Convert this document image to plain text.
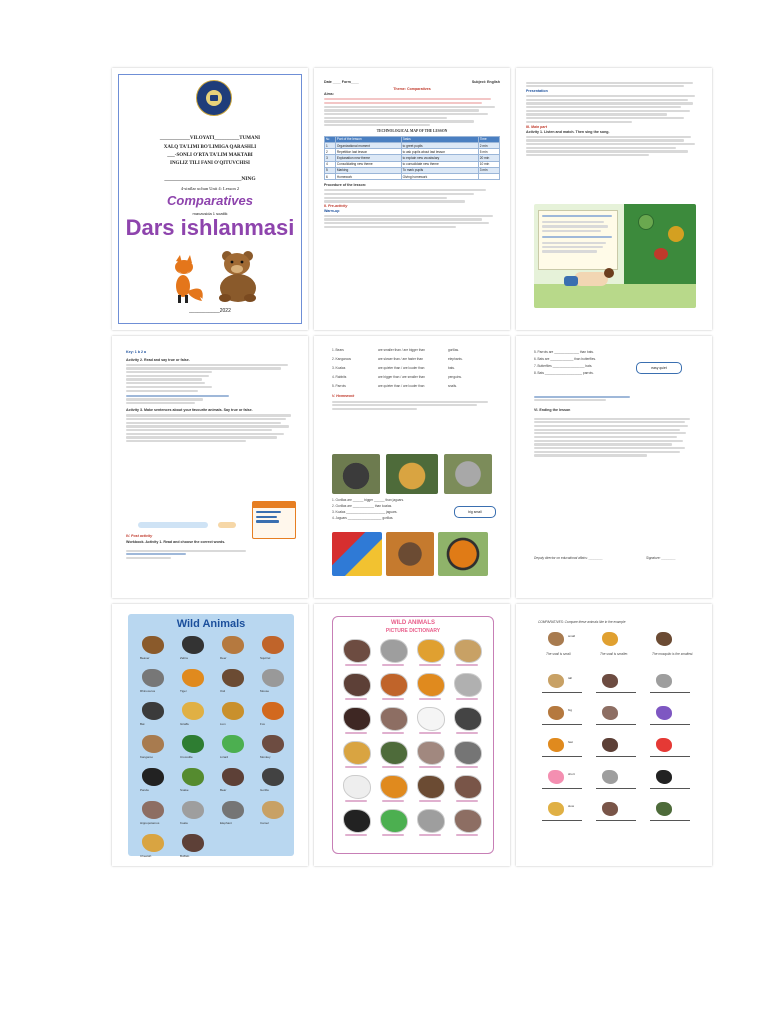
____________VILOYATI__________TUMANI
XALQ TA'LIMI BO'LIMIGA QARASHLI
___-SONLI O'RTA TA'LIM MAKTABI
INGLIZ TILI FANI O'QITUVCHISI
____________________________NING
4-sinflar uchun Unit 4: Lesson 2
Comparatives
mavzusida 1 soatlik
Dars ishlanmasi
___________2022
Date ____ Form____	Subject: English
Theme: Comparatives
Aims:
TECHNOLOGICAL MAP OF THE LESSON
№	Part of the lesson	Tasks	Time
1	Organizational moment	to greet pupils	2 min
2	Repetition last lesson	to ask pupils about last lesson	5 min
3	Explanation new theme	to explain new vocabulary	20 min
4	Consolidating new theme	to consolidate new theme	10 min
5	Marking	To mark pupils	3 min
6	Homework	Giving homework	
Procedure of the lesson:
II. Pre-activity
Warm-up
Presentation
III. Main part
Activity 1. Listen and match. Then sing the song.
Key: 1 b 2 a
Activity 2. Read and say true or false.
Activity 3. Make sentences about your favourite animals. Say true or false.
IV. Post activity
Workbook. Activity 1. Read and choose the correct words.
1. Bears	are smaller than / are bigger than	gorillas.
2. Kangaroos	are slower than / are faster than	elephants.
3. Koalas	are quieter than / are louder than	bats.
4. Rabbits	are bigger than / are smaller than	penguins.
5. Parrots	are quieter than / are louder than	snails.
V. Homework
1. Gorillas are ______ bigger ______ than jaguars.
2. Gorillas are ____________ than koalas.
3. Koalas ______________________ jaguars.
4. Jaguars ___________________ gorillas.
big small
5. Parrots are ______________ than bats.
6. Bats are _____________ than butterflies.
7. Butterflies __________________ bats.
8. Bats _____________________ parrots.
easy quiet
VI. Ending the lesson
Deputy director on educational affairs: ________	Signature: ________
Wild Animals
Beaver	Zebra	Deer	Squirrel
Rhinoceros	Tiger	Owl	Mouse
Bat	Giraffe	Lion	Fox
Kangaroo	Crocodile	Lizard	Monkey
Panda	Snake	Bear	Gorilla
Hippopotamus	Koala	Elephant	Camel
Cheetah	Buffalo
WILD ANIMALS
PICTURE DICTIONARY
COMPARATIVES: Compare these animals like in the example
The snail is small.	The snail is smaller.	The mosquito is the smallest.
small
tall
big
fast
short
slow
